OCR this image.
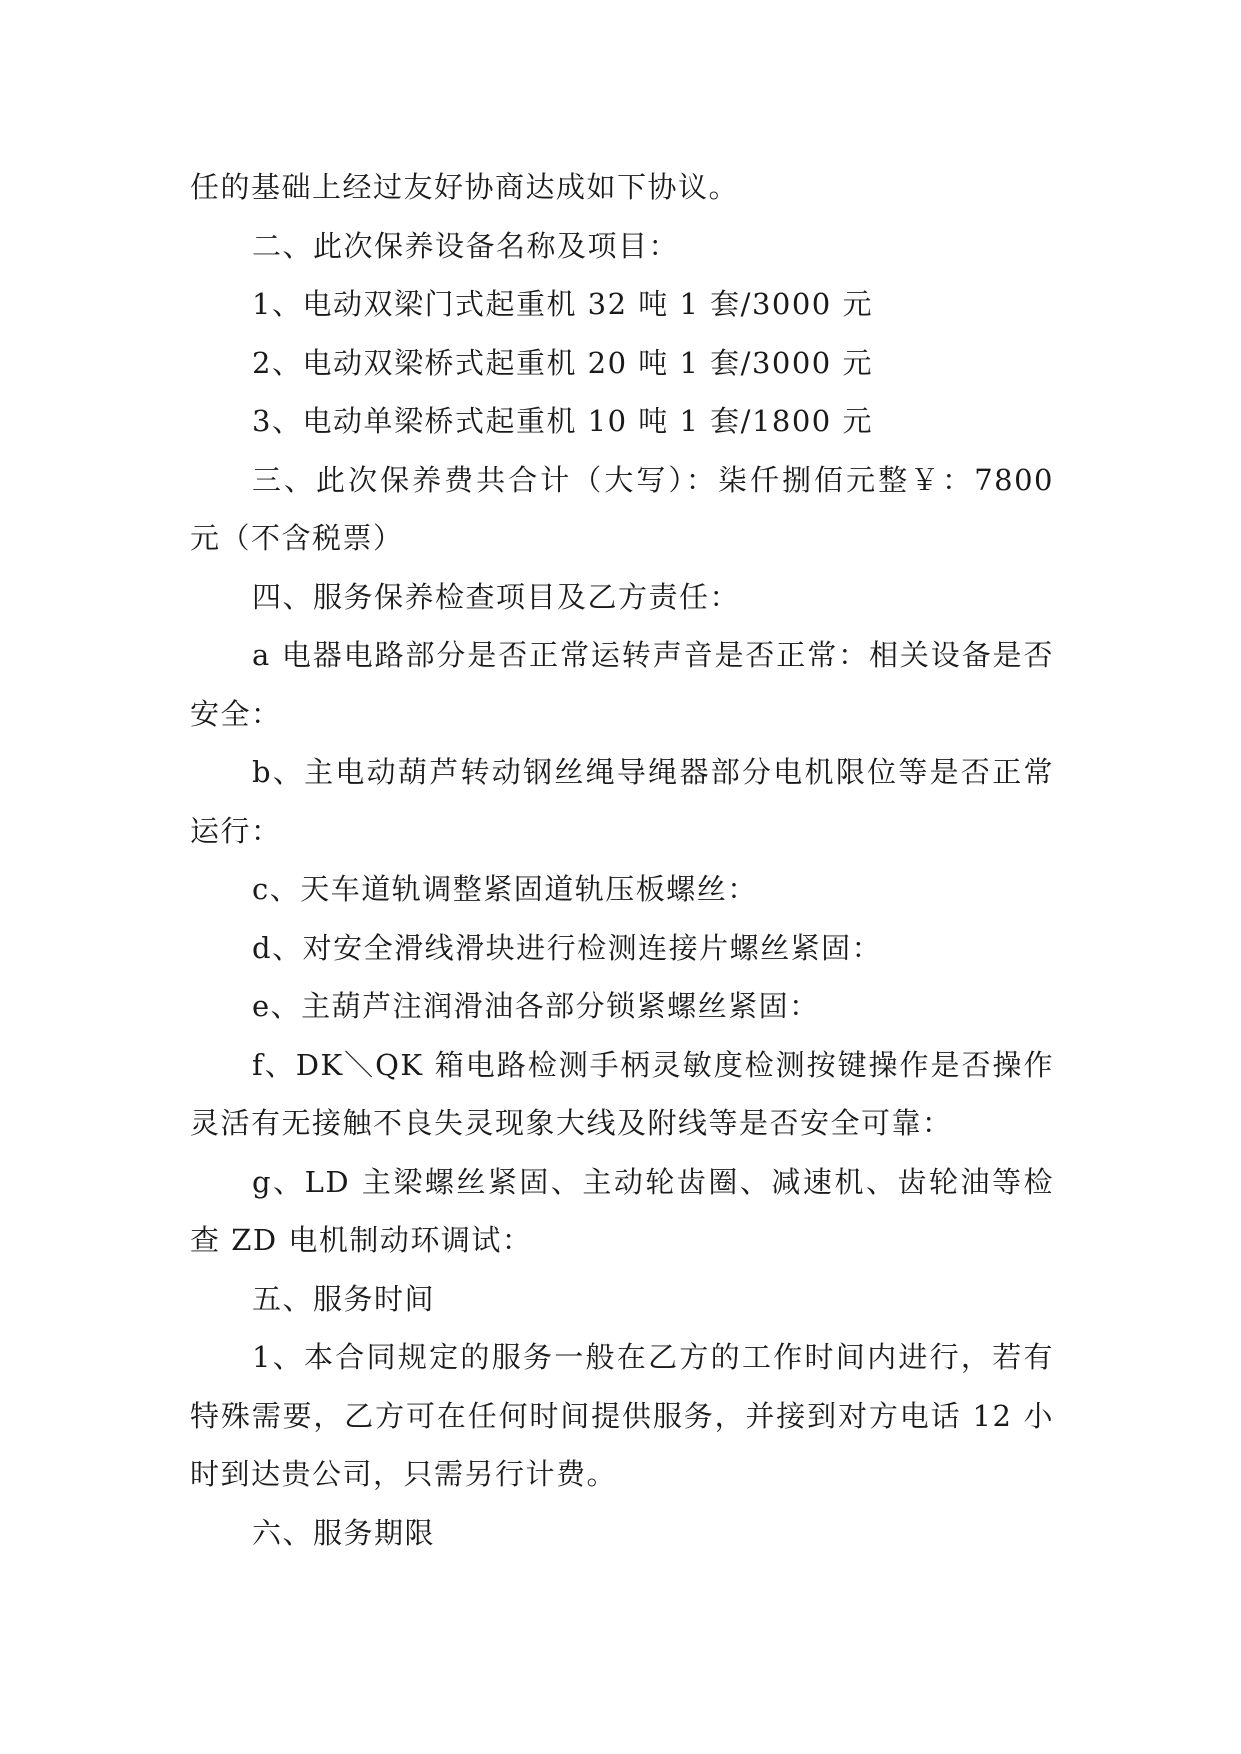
任的基础上经过友好协商达成如下协议。

二、此次保养设备名称及项目：

1、电动双梁门式起重机 32 吨 1 套/3000 元

2、电动双梁桥式起重机 20 吨 1 套/3000 元

3、电动单梁桥式起重机 10 吨 1 套/1800 元

三、此次保养费共合计（大写）：柒仟捌佰元整￥：7800 元（不含税票）

四、服务保养检查项目及乙方责任：

a 电器电路部分是否正常运转声音是否正常：相关设备是否安全：

b、主电动葫芦转动钢丝绳导绳器部分电机限位等是否正常运行：

c、天车道轨调整紧固道轨压板螺丝：

d、对安全滑线滑块进行检测连接片螺丝紧固：

e、主葫芦注润滑油各部分锁紧螺丝紧固：

f、DK＼QK 箱电路检测手柄灵敏度检测按键操作是否操作灵活有无接触不良失灵现象大线及附线等是否安全可靠：

g、LD 主梁螺丝紧固、主动轮齿圈、减速机、齿轮油等检查 ZD 电机制动环调试：

五、服务时间

1、本合同规定的服务一般在乙方的工作时间内进行，若有特殊需要，乙方可在任何时间提供服务，并接到对方电话 12 小时到达贵公司，只需另行计费。

六、服务期限
